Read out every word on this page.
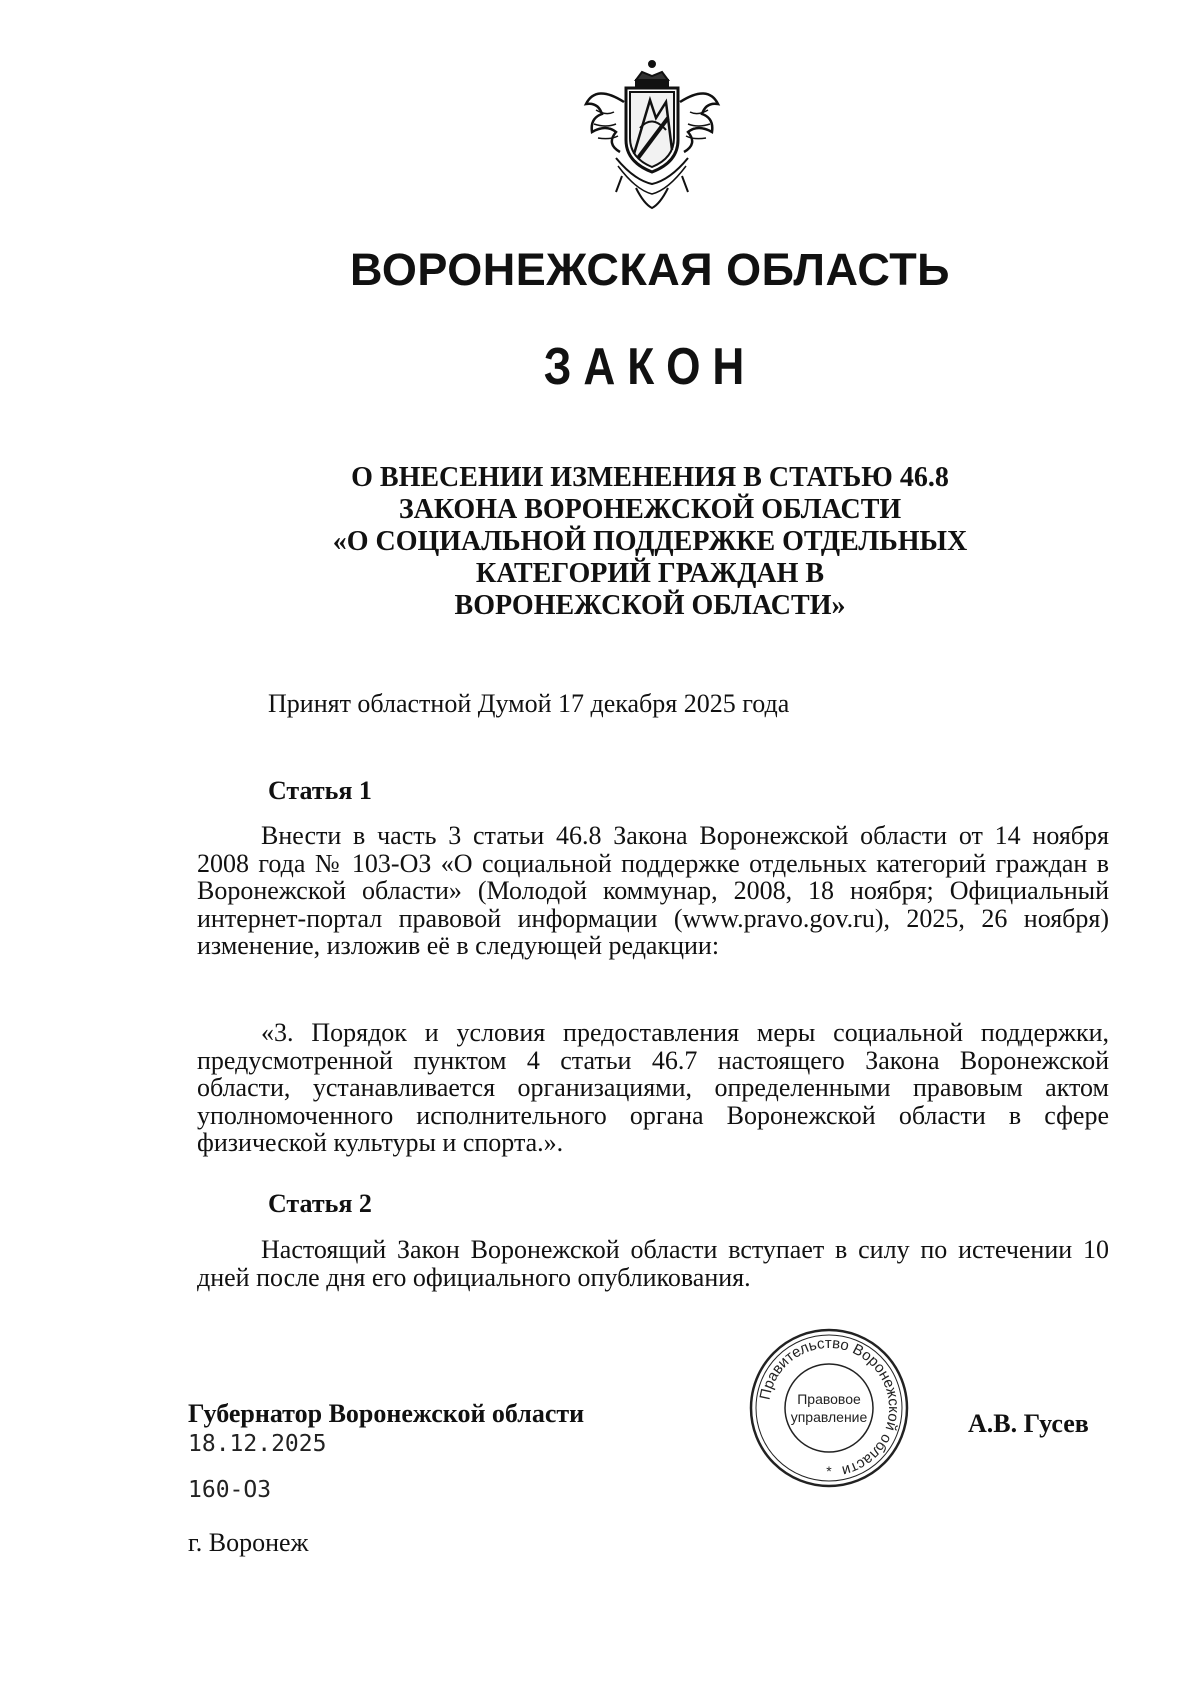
ВОРОНЕЖСКАЯ ОБЛАСТЬ
ЗАКОН
О ВНЕСЕНИИ ИЗМЕНЕНИЯ В СТАТЬЮ 46.8
ЗАКОНА ВОРОНЕЖСКОЙ ОБЛАСТИ
«О СОЦИАЛЬНОЙ ПОДДЕРЖКЕ ОТДЕЛЬНЫХ
КАТЕГОРИЙ ГРАЖДАН В
ВОРОНЕЖСКОЙ ОБЛАСТИ»
Принят областной Думой 17 декабря 2025 года
Статья 1
Внести в часть 3 статьи 46.8 Закона Воронежской области от 14 ноября 2008 года № 103-ОЗ «О социальной поддержке отдельных категорий граждан в Воронежской области» (Молодой коммунар, 2008, 18 ноября; Официальный интернет-портал правовой информации (www.pravo.gov.ru), 2025, 26 ноября) изменение, изложив её в следующей редакции:
«3. Порядок и условия предоставления меры социальной поддержки, предусмотренной пунктом 4 статьи 46.7 настоящего Закона Воронежской области, устанавливается организациями, определенными правовым актом уполномоченного исполнительного органа Воронежской области в сфере физической культуры и спорта.».
Статья 2
Настоящий Закон Воронежской области вступает в силу по истечении 10 дней после дня его официального опубликования.
Губернатор Воронежской области
18.12.2025
160-ОЗ
г. Воронеж
А.В. Гусев
Правительство Воронежской области
Правовое
управление
*
